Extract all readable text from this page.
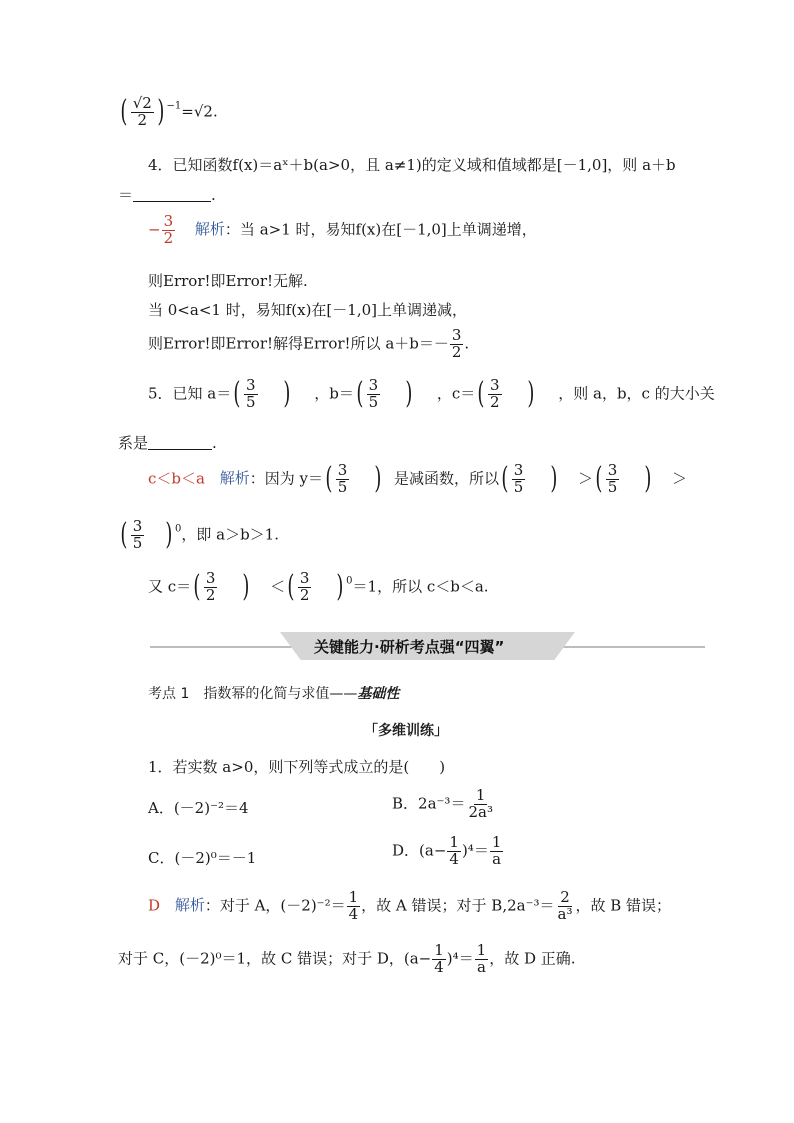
( $\frac{√2}{2}$ ) $^{-1}$=√2.
4．已知函数f(x)＝aˣ＋b(a>0，且 a≠1)的定义域和值域都是[－1,0]，则 a＋b
＝	.
− $\frac{3}{2}$ 解析：当 a>1 时，易知f(x)在[－1,0]上单调递增，
则Error!即Error!无解.
当 0<a<1 时，易知f(x)在[－1,0]上单调递减，
则Error!即Error!解得Error!所以 $a+b=- \frac{3}{2}$ .
5．已知 $a=( \frac{3}{5}$ ) ，$b=( \frac{3}{5}$ ) ，$c=( \frac{3}{2}$ ) ，则 a，b，c 的大小关
系是	.
c＜b＜a 解析：因为 $y=( \frac{3}{5}$ ) 是减函数，所以( $\frac{3}{5}$ ) ＞( $\frac{3}{5}$ ) ＞
( $\frac{3}{5}$ ) $^0$，即 a＞b＞1.
又 $c=( \frac{3}{2}$ ) ＜( $\frac{3}{2}$ ) $^0$＝1，所以 c＜b＜a.
关键能力·研析考点强“四翼”
考点 1　指数幂的化简与求值——基础性
「多维训练」
1．若实数 a>0，则下列等式成立的是(　　)
A．(－2)⁻²＝4	B．$2a^{-3}= \frac{1}{\text{2a³}}$
C．(－2)⁰＝－1	D．$(a- \frac{1}{4} )^4= \frac{1}{a}$
D 解析：对于 A，$(-2)^{-2}= \frac{1}{4}$ ，故 A 错误；对于 $B,2a^{-3}= \frac{2}{\text{a³}}$ ，故 B 错误；
对于 C，(－2)⁰＝1，故 C 错误；对于 D，$(a- \frac{1}{4} )^4= \frac{1}{a}$ ，故 D 正确.
